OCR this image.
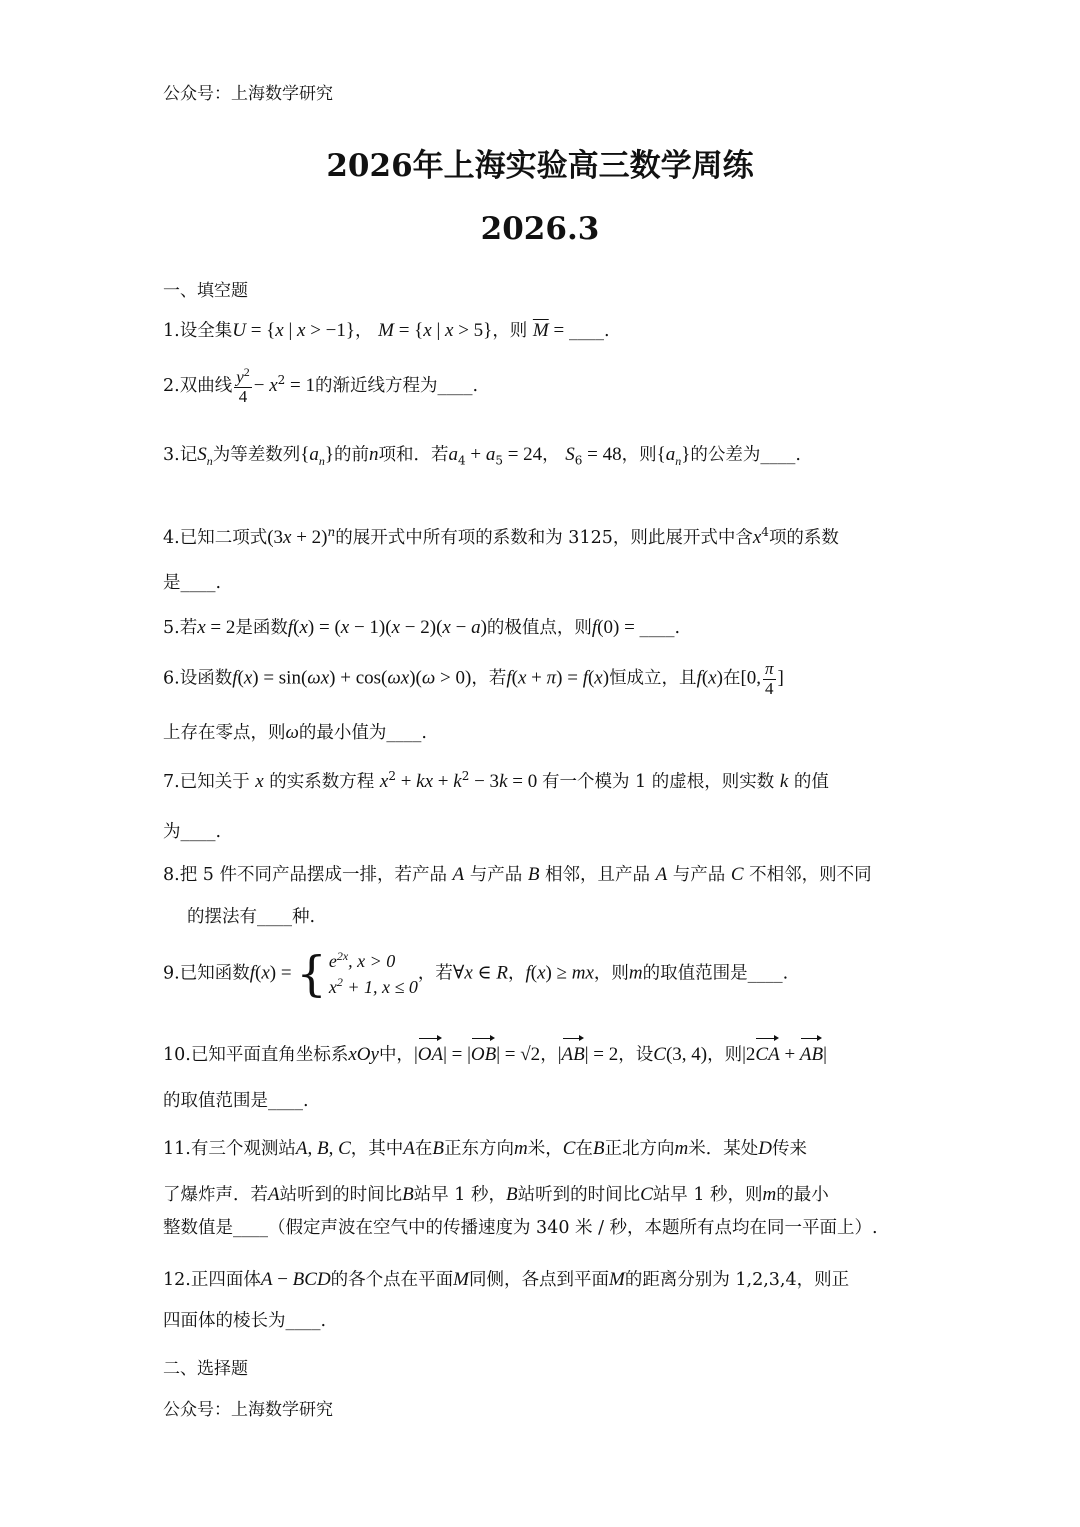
公众号：上海数学研究
2026年上海实验高三数学周练
2026.3
一、填空题
1.设全集U = {x | x > −1}， M = {x | x > 5}，则 $\overline{M}$ = ____.
2.双曲线 $\frac{y^2}{4} - x^2 = 1$的渐近线方程为____.
3.记$S_n$为等差数列$\{a_n\}$的前n项和．若$a_4 + a_5 = 24$， $S_6 = 48$，则$\{a_n\}$的公差为____.
4.已知二项式$(3x + 2)^n$的展开式中所有项的系数和为 3125，则此展开式中含$x^4$项的系数
是____.
5.若x = 2是函数f(x) = (x − 1)(x − 2)(x − a)的极值点，则f(0) = ____.
6.设函数f(x) = sin(ωx) + cos(ωx)(ω > 0)，若f(x + π) = f(x)恒成立，且f(x)在[0, $\frac{\pi}{4}$ ]
上存在零点，则ω的最小值为____.
7.已知关于 x 的实系数方程 $x^2$ + kx + $k^2 - 3k = 0$ 有一个模为 1 的虚根，则实数 k 的值
为____.
8.把 5 件不同产品摆成一排，若产品 A 与产品 B 相邻，且产品 A 与产品 C 不相邻，则不同
的摆法有____种.
9.已知函数f(x) = { $e^{2x}$, x > 0
$x^2 + 1$, x ≤ 0
，若∀x ∈ R，f(x) ≥ mx，则m的取值范围是____.
10.已知平面直角坐标系xOy中，|OA| = |OB| = √2，|AB| = 2，设C(3, 4)，则|2CA + AB|
的取值范围是____.
11.有三个观测站A, B, C，其中A在B正东方向m米，C在B正北方向m米．某处D传来
了爆炸声．若A站听到的时间比B站早 1 秒，B站听到的时间比C站早 1 秒，则m的最小
整数值是____（假定声波在空气中的传播速度为 340 米 / 秒，本题所有点均在同一平面上）.
12.正四面体A − BCD的各个点在平面M同侧，各点到平面M的距离分别为 1,2,3,4，则正
四面体的棱长为____.
二、选择题
公众号：上海数学研究
